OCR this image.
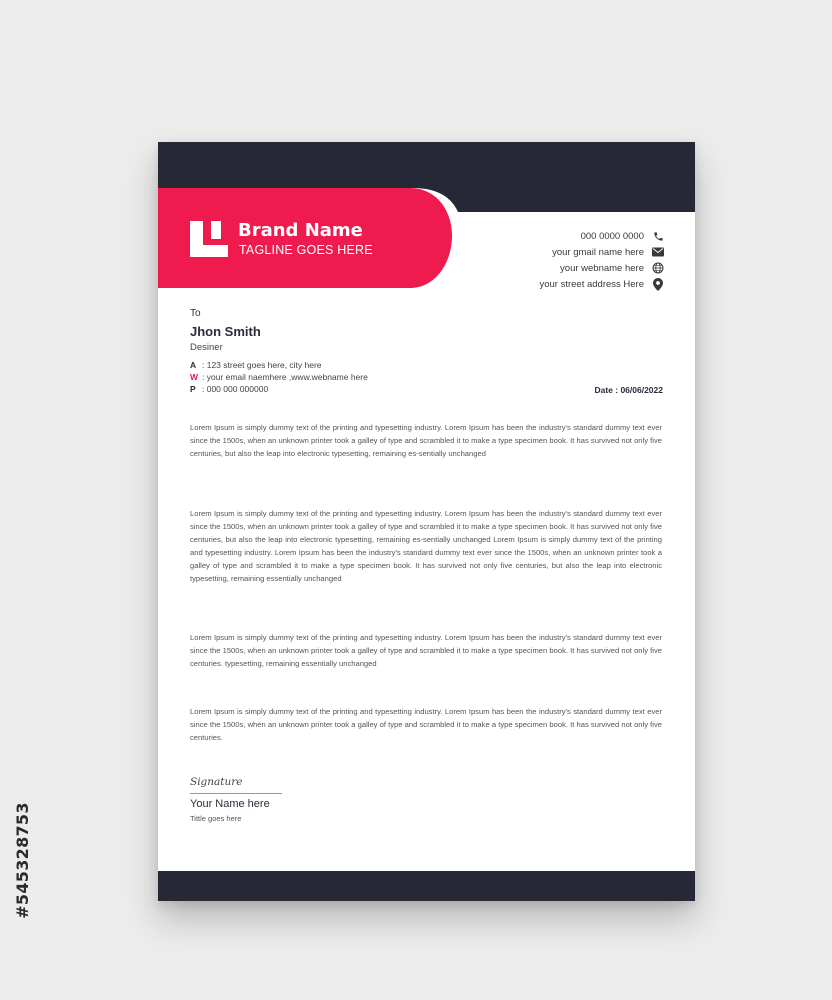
#545328753
Brand Name
TAGLINE GOES HERE
000 0000 0000
your gmail name here
your webname here
your street address Here
To
Jhon Smith
Desiner
A : 123 street goes here, city here
W : your email naemhere ,www.webname here
P : 000 000 000000	Date : 06/06/2022

Lorem Ipsum is simply dummy text of the printing and typesetting industry. Lorem Ipsum has been the industry's standard dummy text ever since the 1500s, when an unknown printer took a galley of type and scrambled it to make a type specimen book. It has survived not only five centuries, but also the leap into electronic typesetting, remaining es-sentially unchanged

Lorem Ipsum is simply dummy text of the printing and typesetting industry. Lorem Ipsum has been the industry's standard dummy text ever since the 1500s, when an unknown printer took a galley of type and scrambled it to make a type specimen book. It has survived not only five centuries, but also the leap into electronic typesetting, remaining es-sentially unchanged Lorem Ipsum is simply dummy text of the printing and typesetting industry. Lorem Ipsum has been the industry's standard dummy text ever since the 1500s, when an unknown printer took a galley of type and scrambled it to make a type specimen book. It has survived not only five centuries, but also the leap into electronic typesetting, remaining essentially unchanged

Lorem Ipsum is simply dummy text of the printing and typesetting industry. Lorem Ipsum has been the industry's standard dummy text ever since the 1500s, when an unknown printer took a galley of type and scrambled it to make a type specimen book. It has survived not only five centuries. typesetting, remaining essentially unchanged

Lorem Ipsum is simply dummy text of the printing and typesetting industry. Lorem Ipsum has been the industry's standard dummy text ever since the 1500s, when an unknown printer took a galley of type and scrambled it to make a type specimen book. It has survived not only five centuries.

Signature
Your Name here
Tittle goes here
